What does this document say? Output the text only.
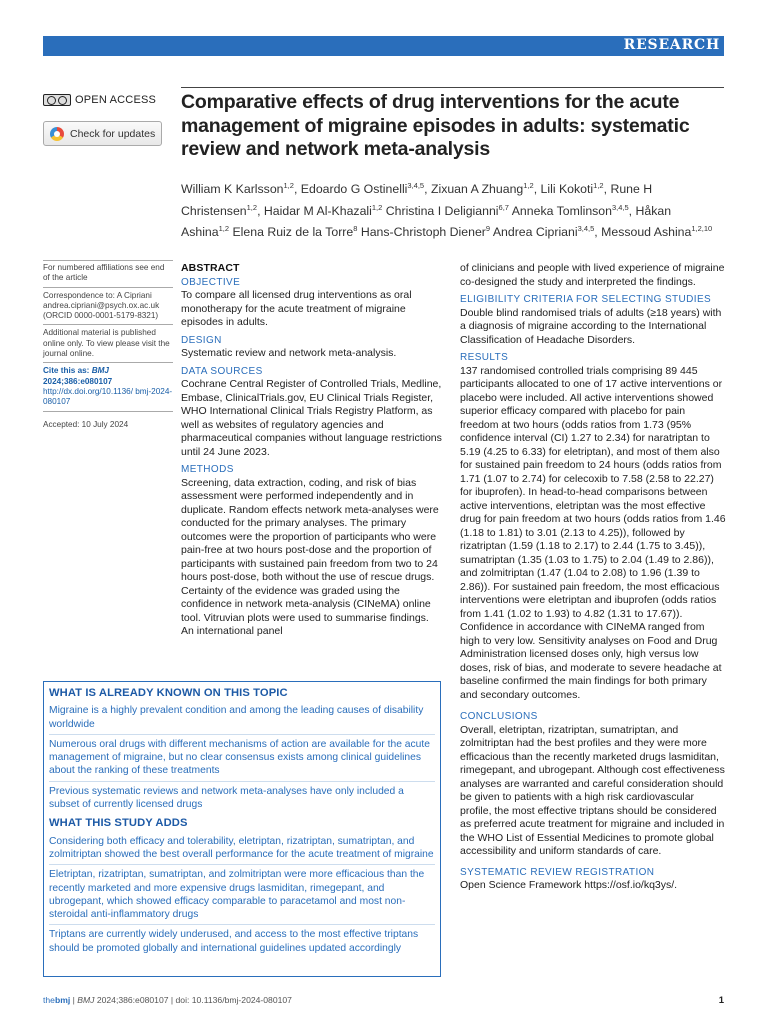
RESEARCH
OPEN ACCESS
Check for updates
Comparative effects of drug interventions for the acute management of migraine episodes in adults: systematic review and network meta-analysis
William K Karlsson$^{1,2}$, Edoardo G Ostinelli$^{3,4,5}$, Zixuan A Zhuang$^{1,2}$, Lili Kokoti$^{1,2}$, Rune H Christensen$^{1,2}$, Haidar M Al-Khazali$^{1,2}$ Christina I Deligianni$^{6,7}$ Anneka Tomlinson$^{3,4,5}$, Håkan Ashina$^{1,2}$ Elena Ruiz de la Torre$^8$ Hans-Christoph Diener$^9$ Andrea Cipriani$^{3,4,5}$, Messoud Ashina$^{1,2,10}$

For numbered affiliations see end of the article

Correspondence to: A Cipriani
andrea.cipriani@psych.ox.ac.uk
(ORCID 0000-0001-5179-8321)

Additional material is published online only. To view please visit the journal online.

Cite this as: BMJ 2024;386:e080107
http://dx.doi.org/10.1136/ bmj-2024-080107

Accepted: 10 July 2024

ABSTRACT
OBJECTIVE

To compare all licensed drug interventions as oral monotherapy for the acute treatment of migraine episodes in adults.

DESIGN

Systematic review and network meta-analysis.

DATA SOURCES

Cochrane Central Register of Controlled Trials, Medline, Embase, ClinicalTrials.gov, EU Clinical Trials Register, WHO International Clinical Trials Registry Platform, as well as websites of regulatory agencies and pharmaceutical companies without language restrictions until 24 June 2023.

METHODS

Screening, data extraction, coding, and risk of bias assessment were performed independently and in duplicate. Random effects network meta-analyses were conducted for the primary analyses. The primary outcomes were the proportion of participants who were pain-free at two hours post-dose and the proportion of participants with sustained pain freedom from two to 24 hours post-dose, both without the use of rescue drugs. Certainty of the evidence was graded using the confidence in network meta-analysis (CINeMA) online tool. Vitruvian plots were used to summarise findings. An international panel

of clinicians and people with lived experience of migraine co-designed the study and interpreted the findings.

ELIGIBILITY CRITERIA FOR SELECTING STUDIES

Double blind randomised trials of adults (≥18 years) with a diagnosis of migraine according to the International Classification of Headache Disorders.

RESULTS

137 randomised controlled trials comprising 89 445 participants allocated to one of 17 active interventions or placebo were included. All active interventions showed superior efficacy compared with placebo for pain freedom at two hours (odds ratios from 1.73 (95% confidence interval (CI) 1.27 to 2.34) for naratriptan to 5.19 (4.25 to 6.33) for eletriptan), and most of them also for sustained pain freedom to 24 hours (odds ratios from 1.71 (1.07 to 2.74) for celecoxib to 7.58 (2.58 to 22.27) for ibuprofen). In head-to-head comparisons between active interventions, eletriptan was the most effective drug for pain freedom at two hours (odds ratios from 1.46 (1.18 to 1.81) to 3.01 (2.13 to 4.25)), followed by rizatriptan (1.59 (1.18 to 2.17) to 2.44 (1.75 to 3.45)), sumatriptan (1.35 (1.03 to 1.75) to 2.04 (1.49 to 2.86)), and zolmitriptan (1.47 (1.04 to 2.08) to 1.96 (1.39 to 2.86)). For sustained pain freedom, the most efficacious interventions were eletriptan and ibuprofen (odds ratios from 1.41 (1.02 to 1.93) to 4.82 (1.31 to 17.67)). Confidence in accordance with CINeMA ranged from high to very low. Sensitivity analyses on Food and Drug Administration licensed doses only, high versus low doses, risk of bias, and moderate to severe headache at baseline confirmed the main findings for both primary and secondary outcomes.

CONCLUSIONS

Overall, eletriptan, rizatriptan, sumatriptan, and zolmitriptan had the best profiles and they were more efficacious than the recently marketed drugs lasmiditan, rimegepant, and ubrogepant. Although cost effectiveness analyses are warranted and careful consideration should be given to patients with a high risk cardiovascular profile, the most effective triptans should be considered as preferred acute treatment for migraine and included in the WHO List of Essential Medicines to promote global accessibility and uniform standards of care.

SYSTEMATIC REVIEW REGISTRATION

Open Science Framework https://osf.io/kq3ys/.

WHAT IS ALREADY KNOWN ON THIS TOPIC
Migraine is a highly prevalent condition and among the leading causes of disability worldwide
Numerous oral drugs with different mechanisms of action are available for the acute management of migraine, but no clear consensus exists among clinical guidelines about the ranking of these treatments
Previous systematic reviews and network meta-analyses have only included a subset of currently licensed drugs
WHAT THIS STUDY ADDS
Considering both efficacy and tolerability, eletriptan, rizatriptan, sumatriptan, and zolmitriptan showed the best overall performance for the acute treatment of migraine
Eletriptan, rizatriptan, sumatriptan, and zolmitriptan were more efficacious than the recently marketed and more expensive drugs lasmiditan, rimegepant, and ubrogepant, which showed efficacy comparable to paracetamol and most non-steroidal anti-inflammatory drugs
Triptans are currently widely underused, and access to the most effective triptans should be promoted globally and international guidelines updated accordingly
thebmj | BMJ 2024;386:e080107 | doi: 10.1136/bmj-2024-080107	1
